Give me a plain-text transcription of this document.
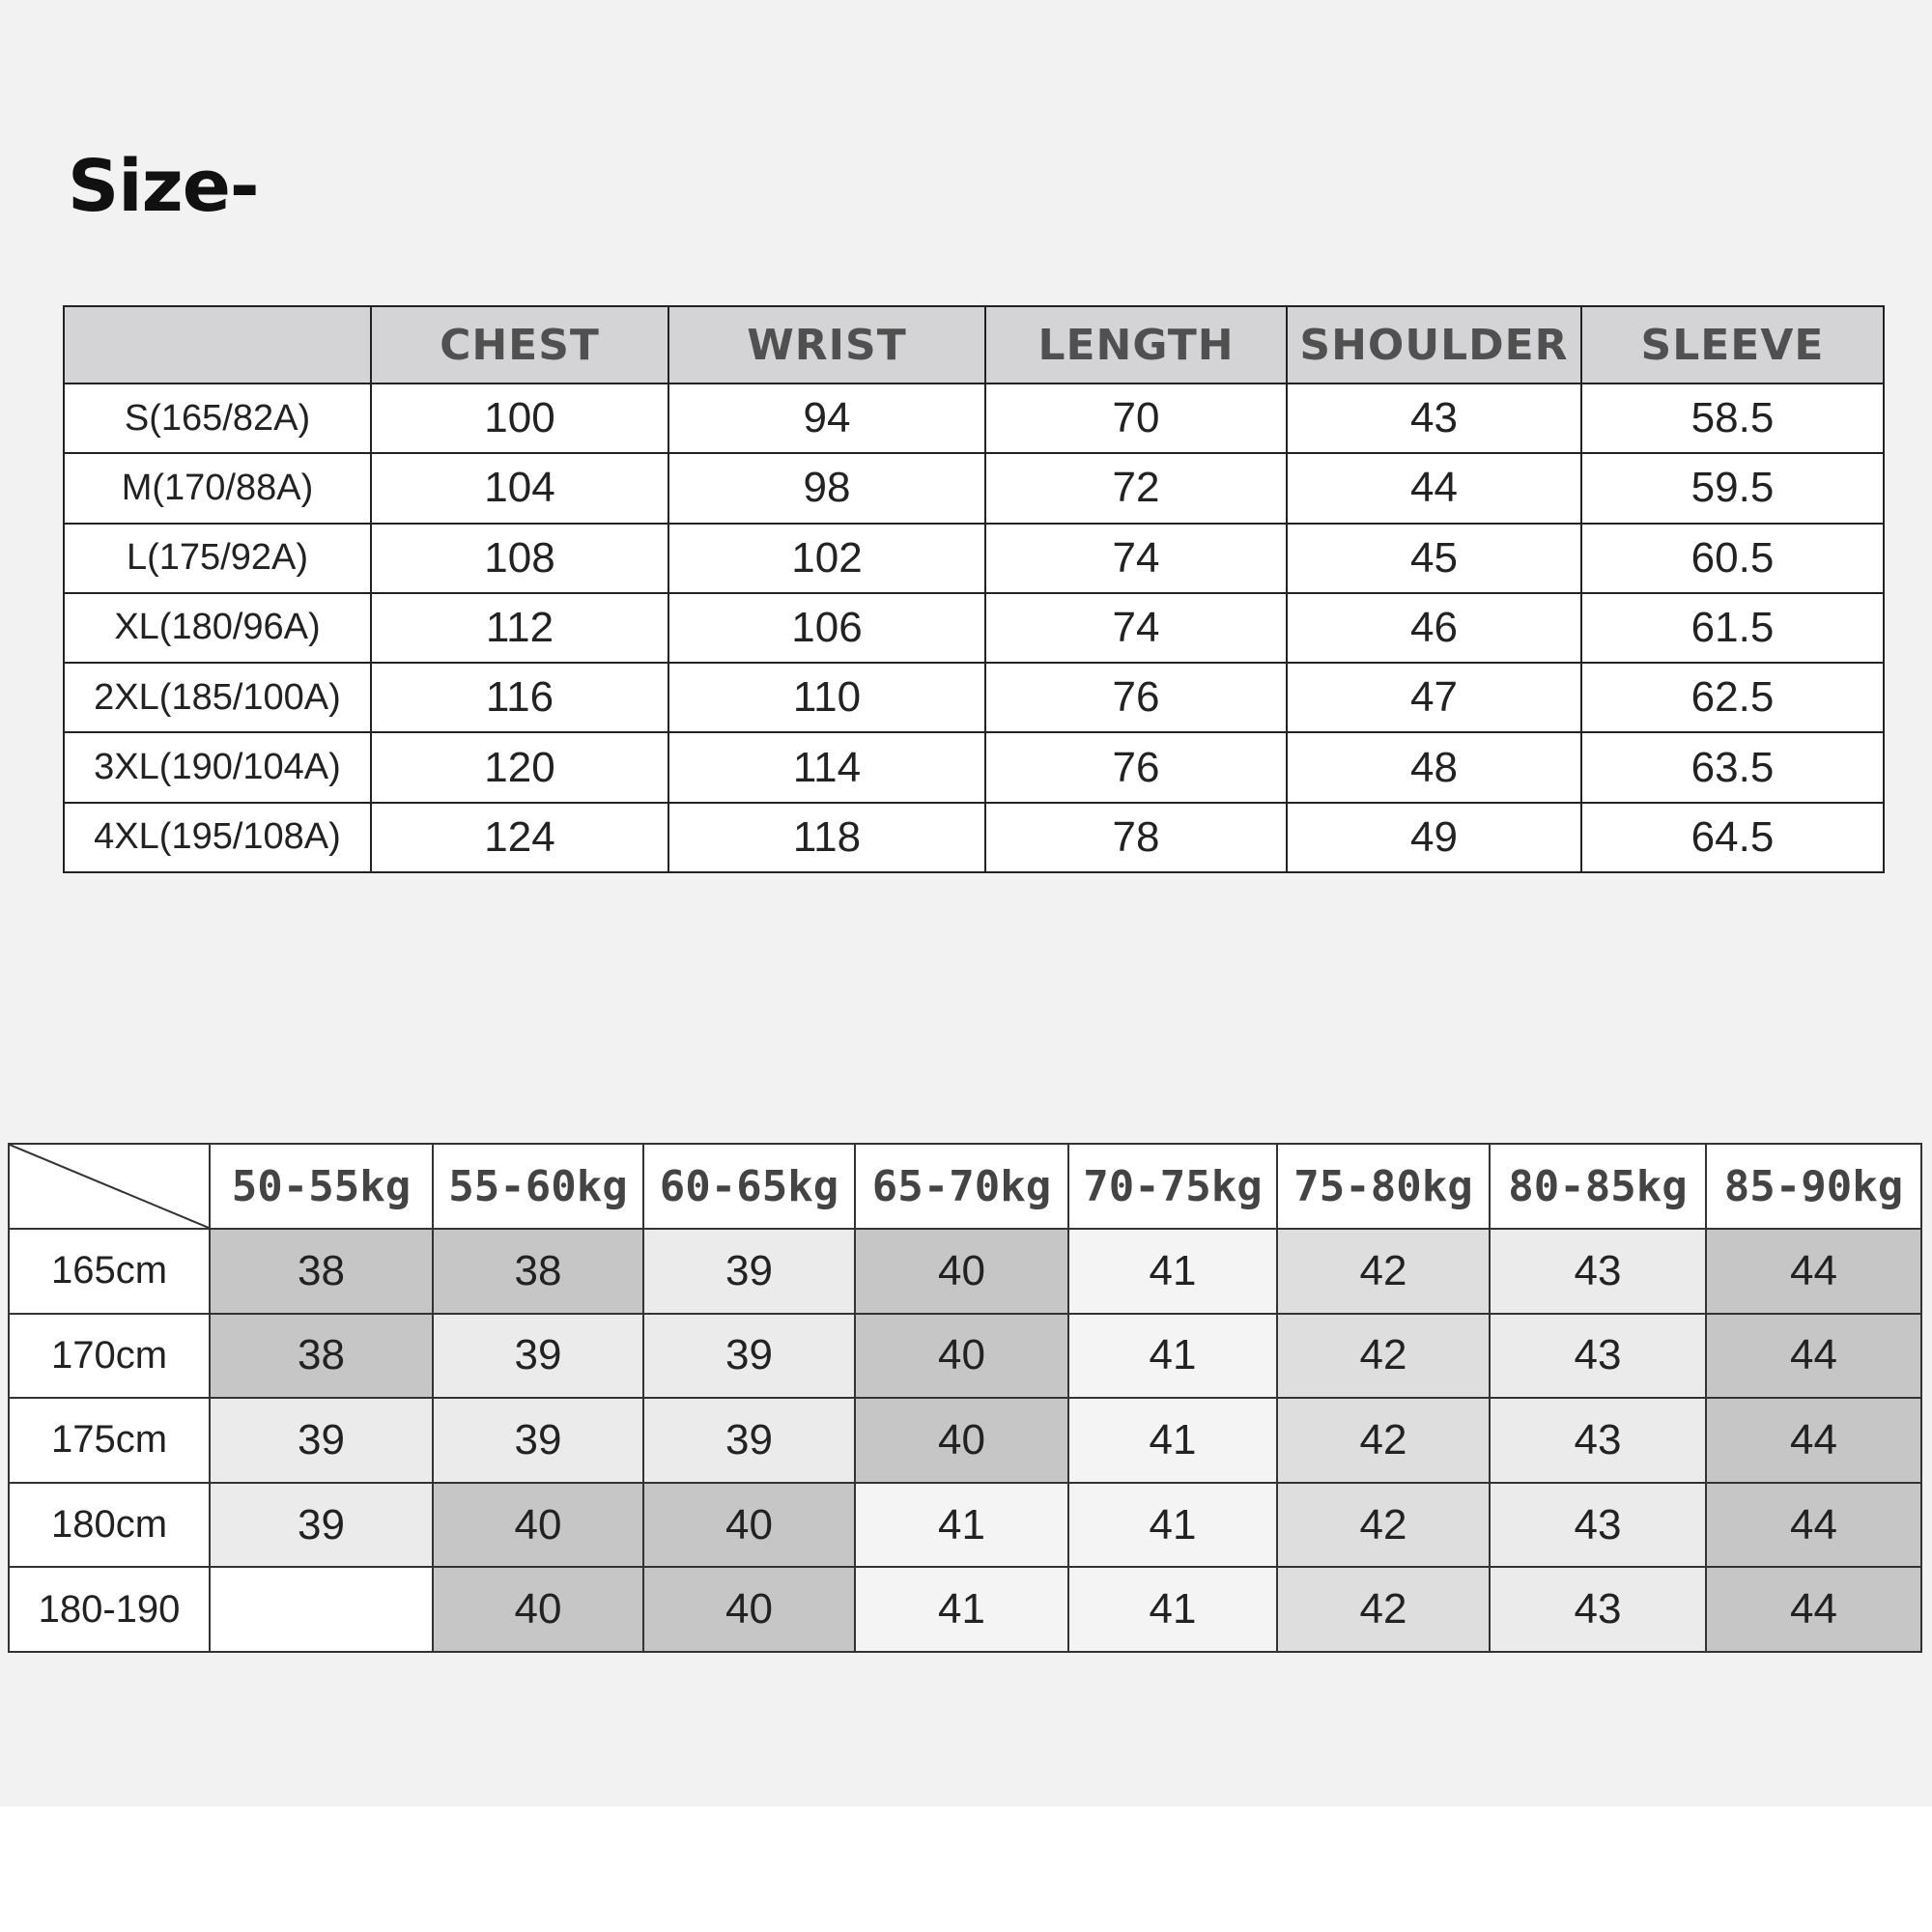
Size-
	CHEST	WRIST	LENGTH	SHOULDER	SLEEVE
S(165/82A)	100	94	70	43	58.5
M(170/88A)	104	98	72	44	59.5
L(175/92A)	108	102	74	45	60.5
XL(180/96A)	112	106	74	46	61.5
2XL(185/100A)	116	110	76	47	62.5
3XL(190/104A)	120	114	76	48	63.5
4XL(195/108A)	124	118	78	49	64.5
	50-55kg	55-60kg	60-65kg	65-70kg	70-75kg	75-80kg	80-85kg	85-90kg
165cm	38	38	39	40	41	42	43	44
170cm	38	39	39	40	41	42	43	44
175cm	39	39	39	40	41	42	43	44
180cm	39	40	40	41	41	42	43	44
180-190		40	40	41	41	42	43	44
